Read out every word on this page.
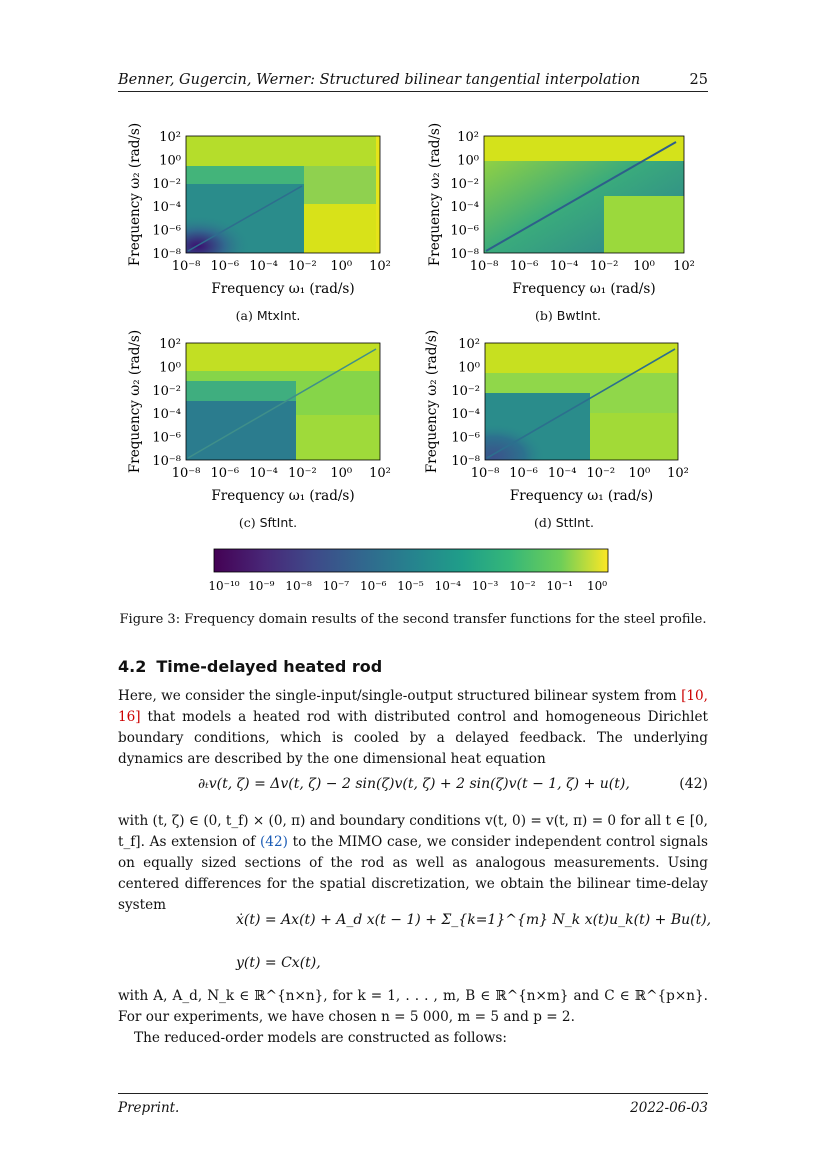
Benner, Gugercin, Werner: Structured bilinear tangential interpolation	25
10⁻⁸ 10⁻⁶ 10⁻⁴ 10⁻² 10⁰ 10²
10²
10⁰
10⁻²
10⁻⁴
10⁻⁶
10⁻⁸
Frequency ω₁ (rad/s)
Frequency ω₂ (rad/s)
10⁻⁸ 10⁻⁶ 10⁻⁴ 10⁻² 10⁰ 10²
10²
10⁰
10⁻²
10⁻⁴
10⁻⁶
10⁻⁸
Frequency ω₁ (rad/s)
Frequency ω₂ (rad/s)
10⁻⁸ 10⁻⁶ 10⁻⁴ 10⁻² 10⁰ 10²
10²
10⁰
10⁻²
10⁻⁴
10⁻⁶
10⁻⁸
Frequency ω₁ (rad/s)
Frequency ω₂ (rad/s)
10⁻⁸ 10⁻⁶ 10⁻⁴ 10⁻² 10⁰ 10²
10²
10⁰
10⁻²
10⁻⁴
10⁻⁶
10⁻⁸
Frequency ω₁ (rad/s)
Frequency ω₂ (rad/s)
(a) MtxInt.	(b) BwtInt.
(c) SftInt.	(d) SttInt.
10⁻¹⁰ 10⁻⁹ 10⁻⁸ 10⁻⁷ 10⁻⁶ 10⁻⁵ 10⁻⁴ 10⁻³ 10⁻² 10⁻¹ 10⁰
Figure 3: Frequency domain results of the second transfer functions for the steel profile.
4.2 Time-delayed heated rod
Here, we consider the single-input/single-output structured bilinear system from [10, 16] that models a heated rod with distributed control and homogeneous Dirichlet boundary conditions, which is cooled by a delayed feedback. The underlying dynamics are described by the one dimensional heat equation
∂ₜv(t, ζ) = Δv(t, ζ) − 2 sin(ζ)v(t, ζ) + 2 sin(ζ)v(t − 1, ζ) + u(t),	(42)
with (t, ζ) ∈ (0, t_f) × (0, π) and boundary conditions v(t, 0) = v(t, π) = 0 for all t ∈ [0, t_f]. As extension of (42) to the MIMO case, we consider independent control signals on equally sized sections of the rod as well as analogous measurements. Using centered differences for the spatial discretization, we obtain the bilinear time-delay system
ẋ(t) = Ax(t) + A_d x(t − 1) + Σ_{k=1}^{m} N_k x(t)u_k(t) + Bu(t),
y(t) = Cx(t),
with A, A_d, N_k ∈ ℝ^{n×n}, for k = 1, . . . , m, B ∈ ℝ^{n×m} and C ∈ ℝ^{p×n}. For our experiments, we have chosen n = 5 000, m = 5 and p = 2.
The reduced-order models are constructed as follows:
Preprint.	2022-06-03
